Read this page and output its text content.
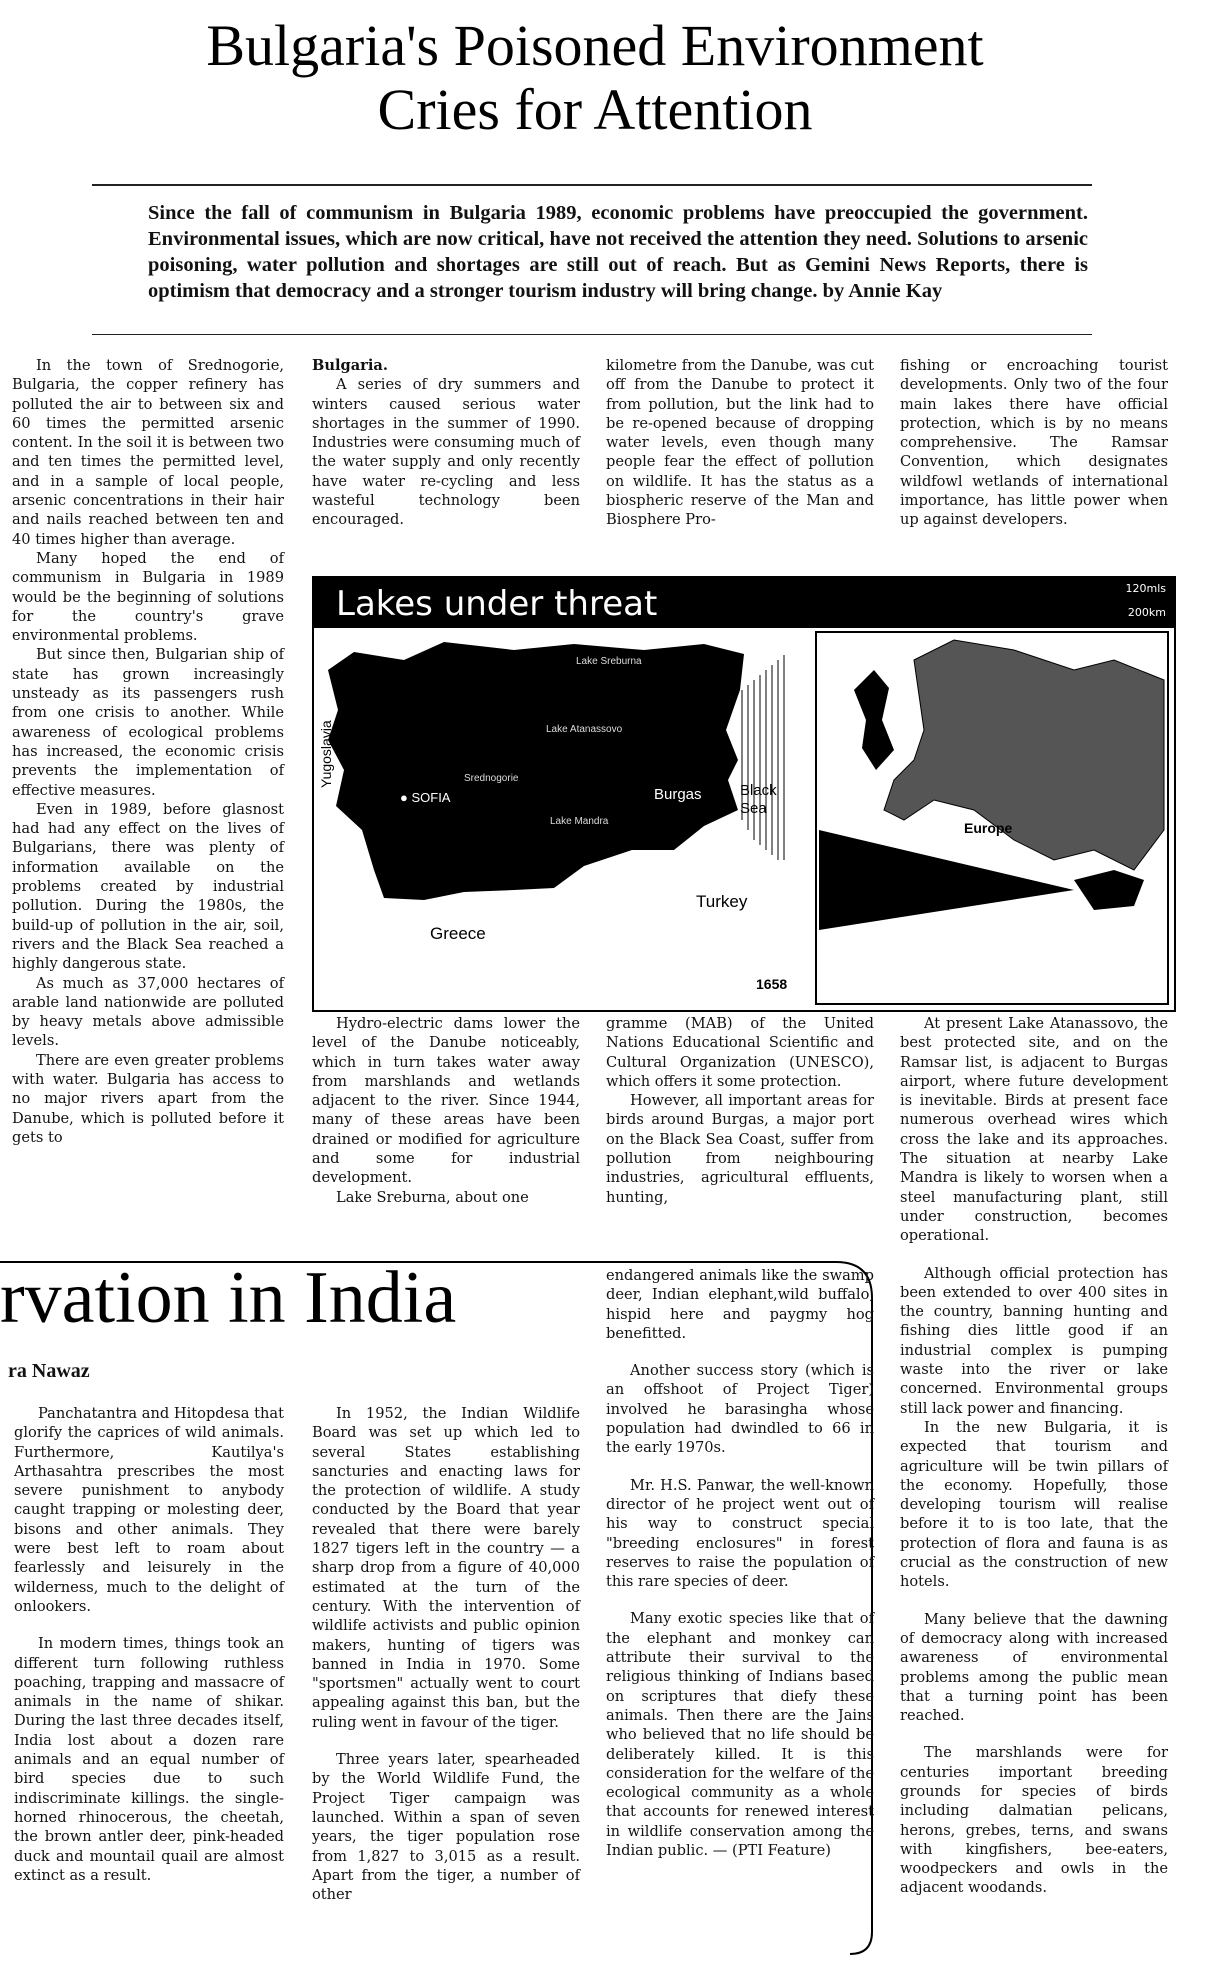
Bulgaria's Poisoned Environment
Cries for Attention
Since the fall of communism in Bulgaria 1989, economic problems have preoccupied the government. Environmental issues, which are now critical, have not received the attention they need. Solutions to arsenic poisoning, water pollution and shortages are still out of reach. But as Gemini News Reports, there is optimism that democracy and a stronger tourism industry will bring change. by Annie Kay

In the town of Srednogorie, Bulgaria, the copper refinery has polluted the air to between six and 60 times the permitted arsenic content. In the soil it is between two and ten times the permitted level, and in a sample of local people, arsenic concentrations in their hair and nails reached between ten and 40 times higher than average.

Many hoped the end of communism in Bulgaria in 1989 would be the beginning of solutions for the country's grave environmental problems.

But since then, Bulgarian ship of state has grown increasingly unsteady as its passengers rush from one crisis to another. While awareness of ecological problems has increased, the economic crisis prevents the implementation of effective measures.

Even in 1989, before glasnost had had any effect on the lives of Bulgarians, there was plenty of information available on the problems created by industrial pollution. During the 1980s, the build-up of pollution in the air, soil, rivers and the Black Sea reached a highly dangerous state.

As much as 37,000 hectares of arable land nationwide are polluted by heavy metals above admissible levels.

There are even greater problems with water. Bulgaria has access to no major rivers apart from the Danube, which is polluted before it gets to

Bulgaria.

A series of dry summers and winters caused serious water shortages in the summer of 1990. Industries were consuming much of the water supply and only recently have water re-cycling and less wasteful technology been encouraged.

kilometre from the Danube, was cut off from the Danube to protect it from pollution, but the link had to be re-opened because of dropping water levels, even though many people fear the effect of pollution on wildlife. It has the status as a biospheric reserve of the Man and Biosphere Pro-

fishing or encroaching tourist developments. Only two of the four main lakes there have official protection, which is by no means comprehensive. The Ramsar Convention, which designates wildfowl wetlands of international importance, has little power when up against developers.

Lakes under threat	120mls
200km
Romania
Yugoslavia
● SOFIA
Srednogorie
Lake Sreburna
Lake Atanassovo
Lake Mandra
Burgas	Black
Sea
Turkey
Greece
Europe
1658

Hydro-electric dams lower the level of the Danube noticeably, which in turn takes water away from marshlands and wetlands adjacent to the river. Since 1944, many of these areas have been drained or modified for agriculture and some for industrial development.

Lake Sreburna, about one

gramme (MAB) of the United Nations Educational Scientific and Cultural Organization (UNESCO), which offers it some protection.

However, all important areas for birds around Burgas, a major port on the Black Sea Coast, suffer from pollution from neighbouring industries, agricultural effluents, hunting,

At present Lake Atanassovo, the best protected site, and on the Ramsar list, is adjacent to Burgas airport, where future development is inevitable. Birds at present face numerous overhead wires which cross the lake and its approaches. The situation at nearby Lake Mandra is likely to worsen when a steel manufacturing plant, still under construction, becomes operational.

Although official protection has been extended to over 400 sites in the country, banning hunting and fishing dies little good if an industrial complex is pumping waste into the river or lake concerned. Environmental groups still lack power and financing.

In the new Bulgaria, it is expected that tourism and agriculture will be twin pillars of the economy. Hopefully, those developing tourism will realise before it to is too late, that the protection of flora and fauna is as crucial as the construction of new hotels.

Many believe that the dawning of democracy along with increased awareness of environmental problems among the public mean that a turning point has been reached.

The marshlands were for centuries important breeding grounds for species of birds including dalmatian pelicans, herons, grebes, terns, and swans with kingfishers, bee-eaters, woodpeckers and owls in the adjacent woodands.

rvation in India
ra Nawaz

Panchatantra and Hitopdesa that glorify the caprices of wild animals. Furthermore, Kautilya's Arthasahtra prescribes the most severe punishment to anybody caught trapping or molesting deer, bisons and other animals. They were best left to roam about fearlessly and leisurely in the wilderness, much to the delight of onlookers.

In modern times, things took an different turn following ruthless poaching, trapping and massacre of animals in the name of shikar. During the last three decades itself, India lost about a dozen rare animals and an equal number of bird species due to such indiscriminate killings. the single-horned rhinocerous, the cheetah, the brown antler deer, pink-headed duck and mountail quail are almost extinct as a result.

In 1952, the Indian Wildlife Board was set up which led to several States establishing sancturies and enacting laws for the protection of wildlife. A study conducted by the Board that year revealed that there were barely 1827 tigers left in the country — a sharp drop from a figure of 40,000 estimated at the turn of the century. With the intervention of wildlife activists and public opinion makers, hunting of tigers was banned in India in 1970. Some "sportsmen" actually went to court appealing against this ban, but the ruling went in favour of the tiger.

Three years later, spearheaded by the World Wildlife Fund, the Project Tiger campaign was launched. Within a span of seven years, the tiger population rose from 1,827 to 3,015 as a result. Apart from the tiger, a number of other

endangered animals like the swamp deer, Indian elephant,wild buffalo, hispid here and paygmy hog benefitted.

Another success story (which is an offshoot of Project Tiger) involved he barasingha whose population had dwindled to 66 in the early 1970s.

Mr. H.S. Panwar, the well-known director of he project went out of his way to construct special "breeding enclosures" in forest reserves to raise the population of this rare species of deer.

Many exotic species like that of the elephant and monkey can attribute their survival to the religious thinking of Indians based on scriptures that diefy these animals. Then there are the Jains who believed that no life should be deliberately killed. It is this consideration for the welfare of the ecological community as a whole that accounts for renewed interest in wildlife conservation among the Indian public. — (PTI Feature)
